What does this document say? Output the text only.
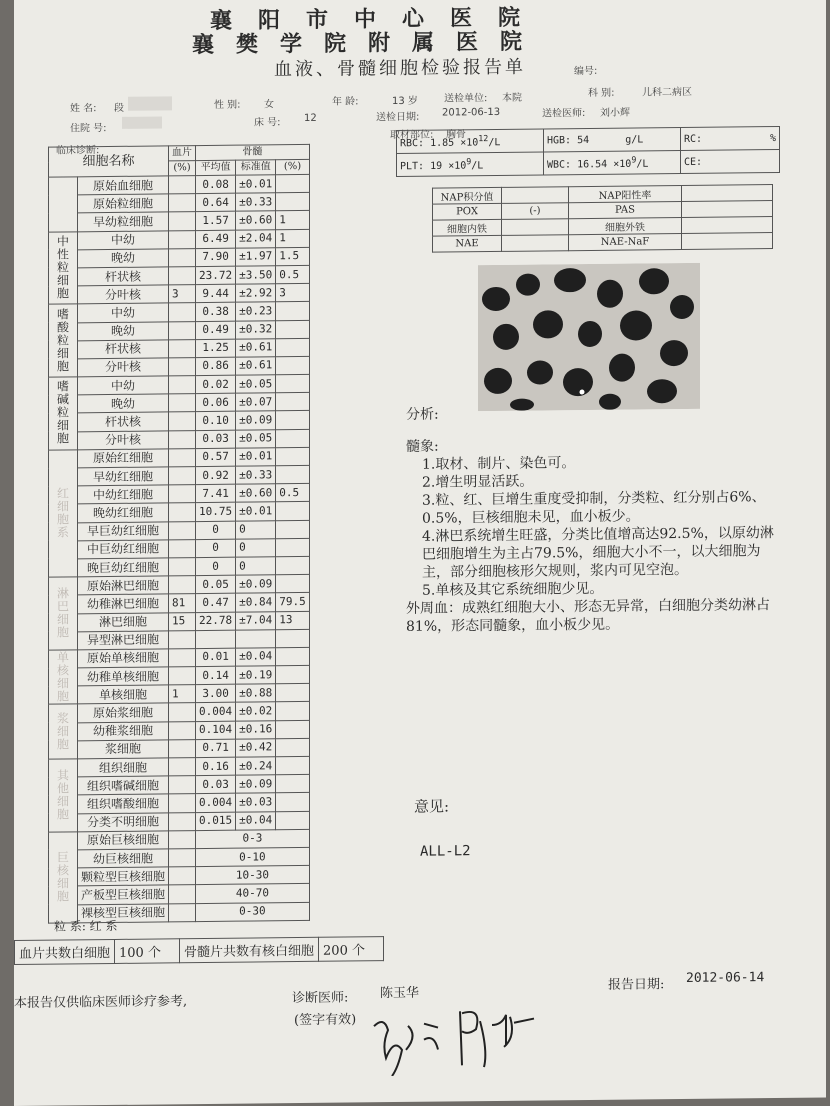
襄阳市中心医院
襄樊学院附属医院
血液、骨髓细胞检验报告单	编号:
姓 名: 段	性 别: 女	年 龄:	13 岁	送检单位: 本院	科 别:	儿科二病区
住院 号:
床 号: 12	送检日期: 2012-06-13	送检医师: 刘小辉
临床诊断:
取材部位: 胸骨
细胞名称		血片	骨髓		
		(%)	平均值	标准值	(%)
	原始血细胞		0.08	±0.01	
	原始粒细胞		0.64	±0.33	
	早幼粒细胞		1.57	±0.60	1
中性粒细胞	中幼		6.49	±2.04	1
	晚幼		7.90	±1.97	1.5
	杆状核		23.72	±3.50	0.5
	分叶核	3	9.44	±2.92	3
嗜酸粒细胞	中幼		0.38	±0.23	
	晚幼		0.49	±0.32	
	杆状核		1.25	±0.61	
	分叶核		0.86	±0.61	
嗜碱粒细胞	中幼		0.02	±0.05	
	晚幼		0.06	±0.07	
	杆状核		0.10	±0.09	
	分叶核		0.03	±0.05	
红细胞系	原始红细胞		0.57	±0.01	
	早幼红细胞		0.92	±0.33	
	中幼红细胞		7.41	±0.60	0.5
	晚幼红细胞		10.75	±0.01	
	早巨幼红细胞		0	0	
	中巨幼红细胞		0	0	
	晚巨幼红细胞		0	0	
淋巴细胞	原始淋巴细胞		0.05	±0.09	
	幼稚淋巴细胞	81	0.47	±0.84	79.5
	淋巴细胞	15	22.78	±7.04	13
	异型淋巴细胞				
单核细胞	原始单核细胞		0.01	±0.04	
	幼稚单核细胞		0.14	±0.19	
	单核细胞	1	3.00	±0.88	
浆细胞	原始浆细胞		0.004	±0.02	
	幼稚浆细胞		0.104	±0.16	
	浆细胞		0.71	±0.42	
其他细胞	组织细胞		0.16	±0.24	
	组织嗜碱细胞		0.03	±0.09	
	组织嗜酸细胞		0.004	±0.03	
	分类不明细胞		0.015	±0.04	
巨核细胞	原始巨核细胞		0-3		
	幼巨核细胞		0-10		
	颗粒型巨核细胞		10-30		
	产板型巨核细胞		40-70		
	裸核型巨核细胞		0-30		
粒 系: 红 系
血片共数白细胞	100 个	骨髓片共数有核白细胞	200 个
RBC: $1.85 \times 10^{12}/L$	HGB: 54 g/L	RC: %

PLT: $19 \times 10^9/L$	WBC: $16.54 \times 10^9/L$	CE:
NAP积分值		NAP阳性率	
POX	(-)	PAS	
细胞内铁		细胞外铁	
NAE		NAE-NaF	

分析:

髓象:

1.取材、制片、染色可。

2.增生明显活跃。

3.粒、红、巨增生重度受抑制，分类粒、红分别占6%、0.5%，巨核细胞未见，血小板少。

4.淋巴系统增生旺盛，分类比值增高达92.5%，以原幼淋巴细胞增生为主占79.5%，细胞大小不一，以大细胞为主，部分细胞核形欠规则，浆内可见空泡。

5.单核及其它系统细胞少见。

外周血：成熟红细胞大小、形态无异常，白细胞分类幼淋占81%，形态同髓象，血小板少见。

意见:
ALL-L2
本报告仅供临床医师诊疗参考,	诊断医师: 陈玉华
(签字有效)
报告日期: 2012-06-14
